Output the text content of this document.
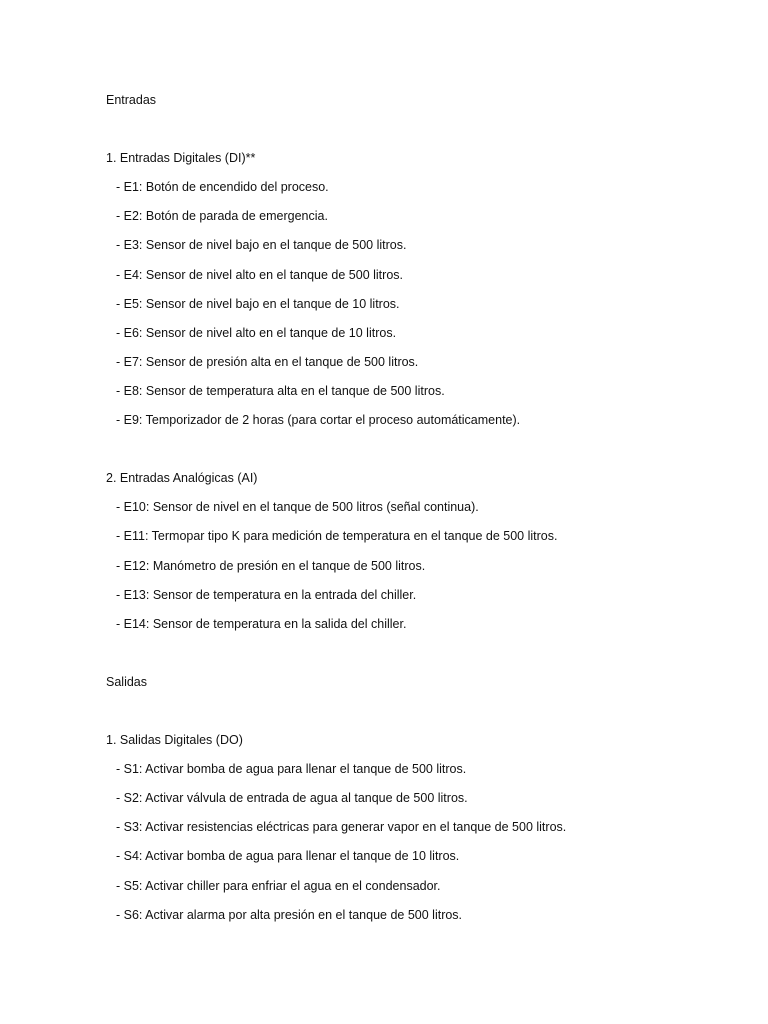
Entradas
1. Entradas Digitales (DI)**
- E1: Botón de encendido del proceso.
- E2: Botón de parada de emergencia.
- E3: Sensor de nivel bajo en el tanque de 500 litros.
- E4: Sensor de nivel alto en el tanque de 500 litros.
- E5: Sensor de nivel bajo en el tanque de 10 litros.
- E6: Sensor de nivel alto en el tanque de 10 litros.
- E7: Sensor de presión alta en el tanque de 500 litros.
- E8: Sensor de temperatura alta en el tanque de 500 litros.
- E9: Temporizador de 2 horas (para cortar el proceso automáticamente).
2. Entradas Analógicas (AI)
- E10: Sensor de nivel en el tanque de 500 litros (señal continua).
- E11: Termopar tipo K para medición de temperatura en el tanque de 500 litros.
- E12: Manómetro de presión en el tanque de 500 litros.
- E13: Sensor de temperatura en la entrada del chiller.
- E14: Sensor de temperatura en la salida del chiller.
Salidas
1. Salidas Digitales (DO)
- S1: Activar bomba de agua para llenar el tanque de 500 litros.
- S2: Activar válvula de entrada de agua al tanque de 500 litros.
- S3: Activar resistencias eléctricas para generar vapor en el tanque de 500 litros.
- S4: Activar bomba de agua para llenar el tanque de 10 litros.
- S5: Activar chiller para enfriar el agua en el condensador.
- S6: Activar alarma por alta presión en el tanque de 500 litros.
